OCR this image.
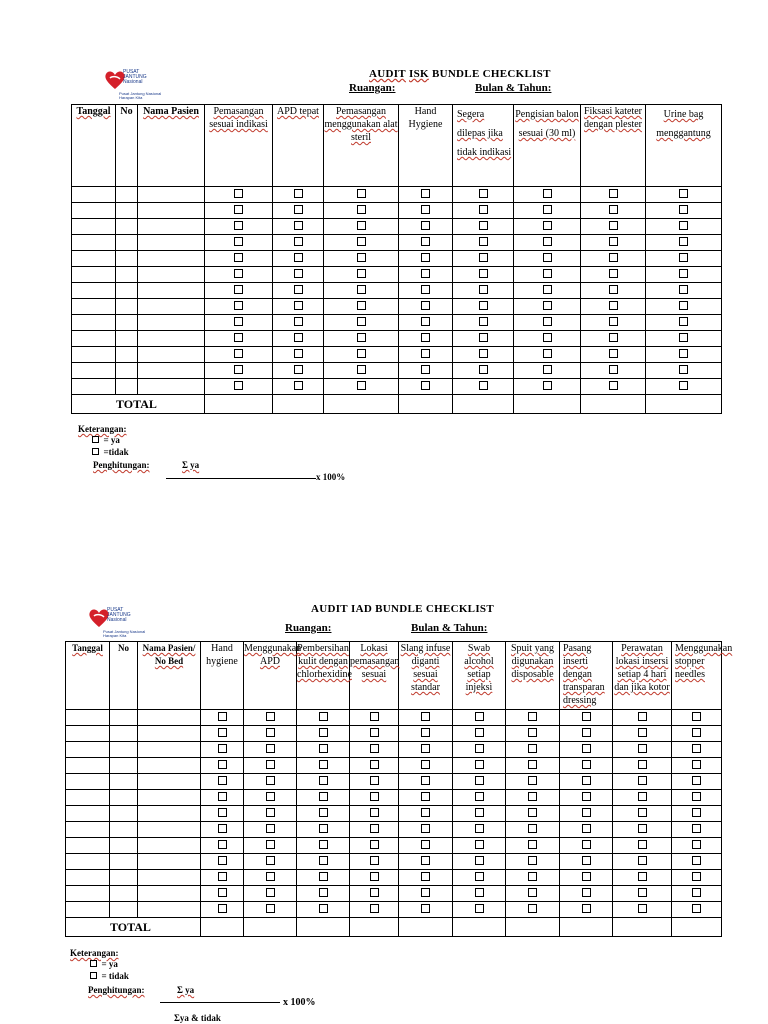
PUSAT
JANTUNG
Nasional
Pusat Jantung Nasional Harapan Kita
AUDIT ISK BUNDLE CHECKLIST
Ruangan:	Bulan & Tahun:
Tanggal	No	Nama Pasien	Pemasangan sesuai indikasi	APD tepat	Pemasangan menggunakan alat steril	Hand Hygiene	Segera dilepas jika tidak indikasi	Pengisian balon sesuai (30 ml)	Fiksasi kateter dengan plester	Urine bag menggantung

TOTAL										
Keterangan:
= ya
=tidak
Penghitungan:	Σ ya
x 100%
PUSAT
JANTUNG
Nasional
Pusat Jantung Nasional Harapan Kita
AUDIT IAD BUNDLE CHECKLIST
Ruangan:	Bulan & Tahun:
Tanggal	No	Nama Pasien/ No Bed	Hand hygiene	Menggunakan APD	Pembersihan kulit dengan chlorhexidine	Lokasi pemasangan sesuai	Slang infuse diganti sesuai standar	Swab alcohol setiap injeksi	Spuit yang digunakan disposable	Pasang inserti dengan transparan dressing	Perawatan lokasi insersi setiap 4 hari dan jika kotor	Menggunakan stopper needles

TOTAL												
Keterangan:
= ya
= tidak
Penghitungan:	Σ ya
x 100%
Σya & tidak
